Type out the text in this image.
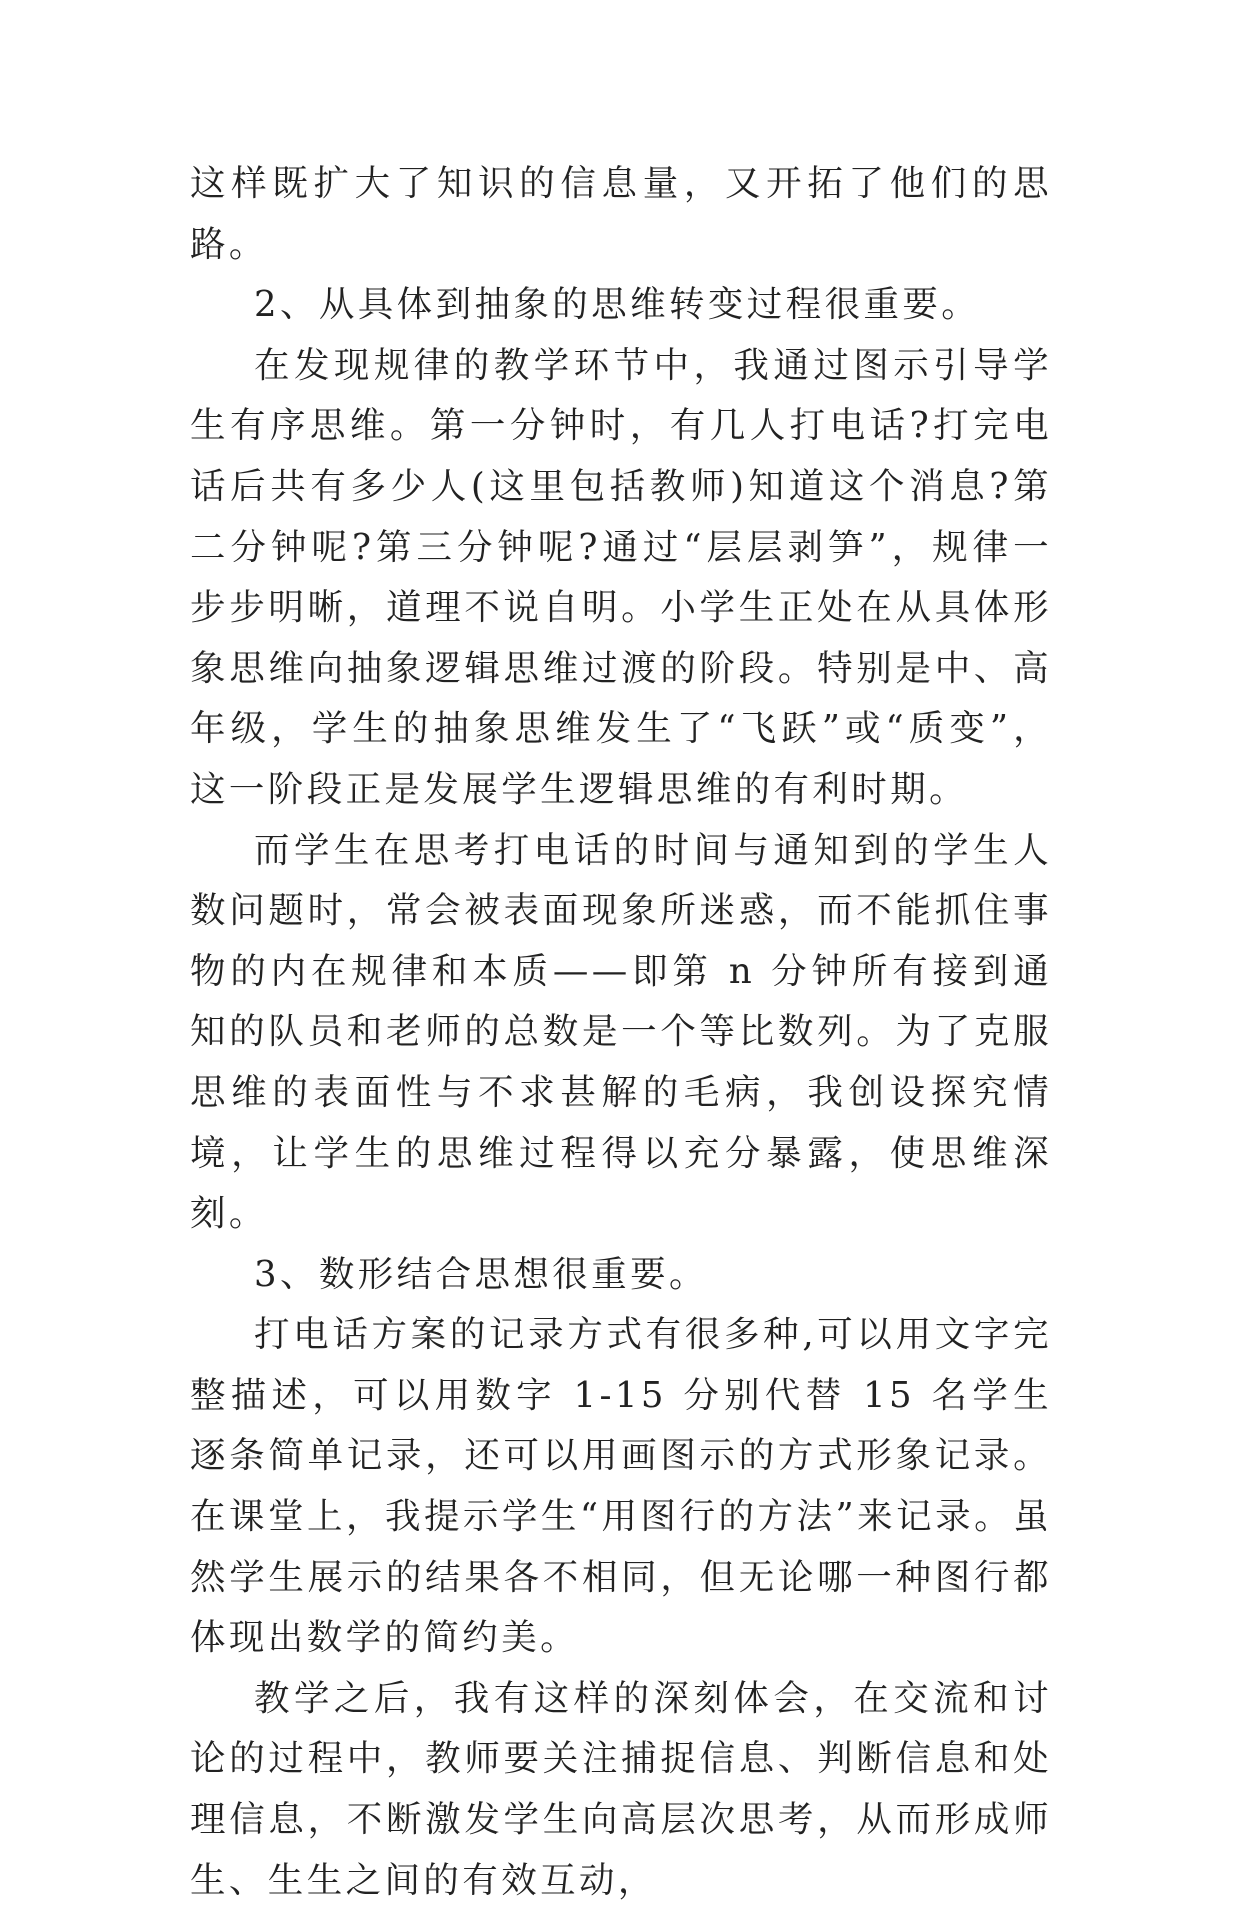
这样既扩大了知识的信息量，又开拓了他们的思路。

2、从具体到抽象的思维转变过程很重要。

在发现规律的教学环节中，我通过图示引导学生有序思维。第一分钟时，有几人打电话?打完电话后共有多少人(这里包括教师)知道这个消息?第二分钟呢?第三分钟呢?通过“层层剥笋”，规律一步步明晰，道理不说自明。小学生正处在从具体形象思维向抽象逻辑思维过渡的阶段。特别是中、高年级，学生的抽象思维发生了“飞跃”或“质变”，这一阶段正是发展学生逻辑思维的有利时期。

而学生在思考打电话的时间与通知到的学生人数问题时，常会被表面现象所迷惑，而不能抓住事物的内在规律和本质——即第 n 分钟所有接到通知的队员和老师的总数是一个等比数列。为了克服思维的表面性与不求甚解的毛病，我创设探究情境，让学生的思维过程得以充分暴露，使思维深刻。

3、数形结合思想很重要。

打电话方案的记录方式有很多种,可以用文字完整描述，可以用数字 1-15 分别代替 15 名学生逐条简单记录，还可以用画图示的方式形象记录。在课堂上，我提示学生“用图行的方法”来记录。虽然学生展示的结果各不相同，但无论哪一种图行都体现出数学的简约美。

教学之后，我有这样的深刻体会，在交流和讨论的过程中，教师要关注捕捉信息、判断信息和处理信息，不断激发学生向高层次思考，从而形成师生、生生之间的有效互动，
